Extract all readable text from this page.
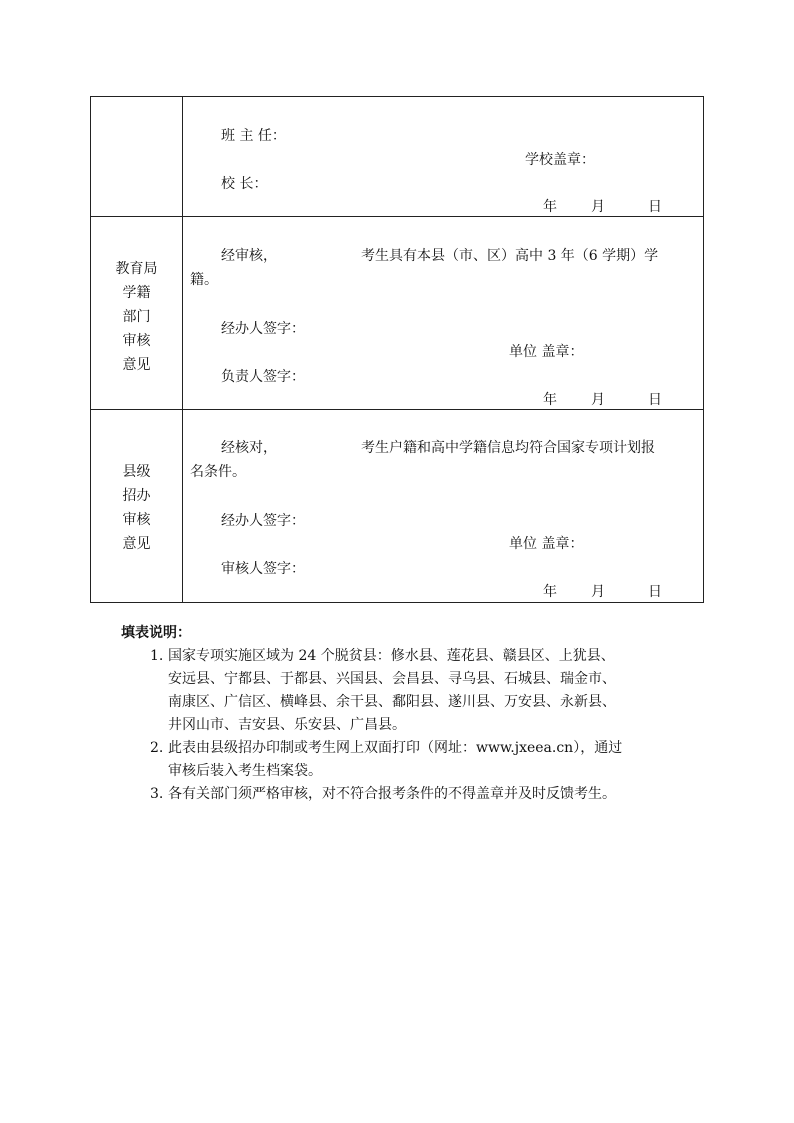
班 主 任：
学校盖章：
校 长：
年 月	日
教育局
学籍
部门
审核
意见
经审核，	考生具有本县（市、区）高中 3 年（6 学期）学
籍。
经办人签字：
单位 盖章：
负责人签字：
年 月	日
县级
招办
审核
意见
经核对，	考生户籍和高中学籍信息均符合国家专项计划报
名条件。
经办人签字：
单位 盖章：
审核人签字：
年 月	日
填表说明：
1. 国家专项实施区域为 24 个脱贫县：修水县、莲花县、赣县区、上犹县、
安远县、宁都县、于都县、兴国县、会昌县、寻乌县、石城县、瑞金市、
南康区、广信区、横峰县、余干县、鄱阳县、遂川县、万安县、永新县、
井冈山市、吉安县、乐安县、广昌县。
2. 此表由县级招办印制或考生网上双面打印（网址：www.jxeea.cn），通过
审核后装入考生档案袋。
3. 各有关部门须严格审核，对不符合报考条件的不得盖章并及时反馈考生。
